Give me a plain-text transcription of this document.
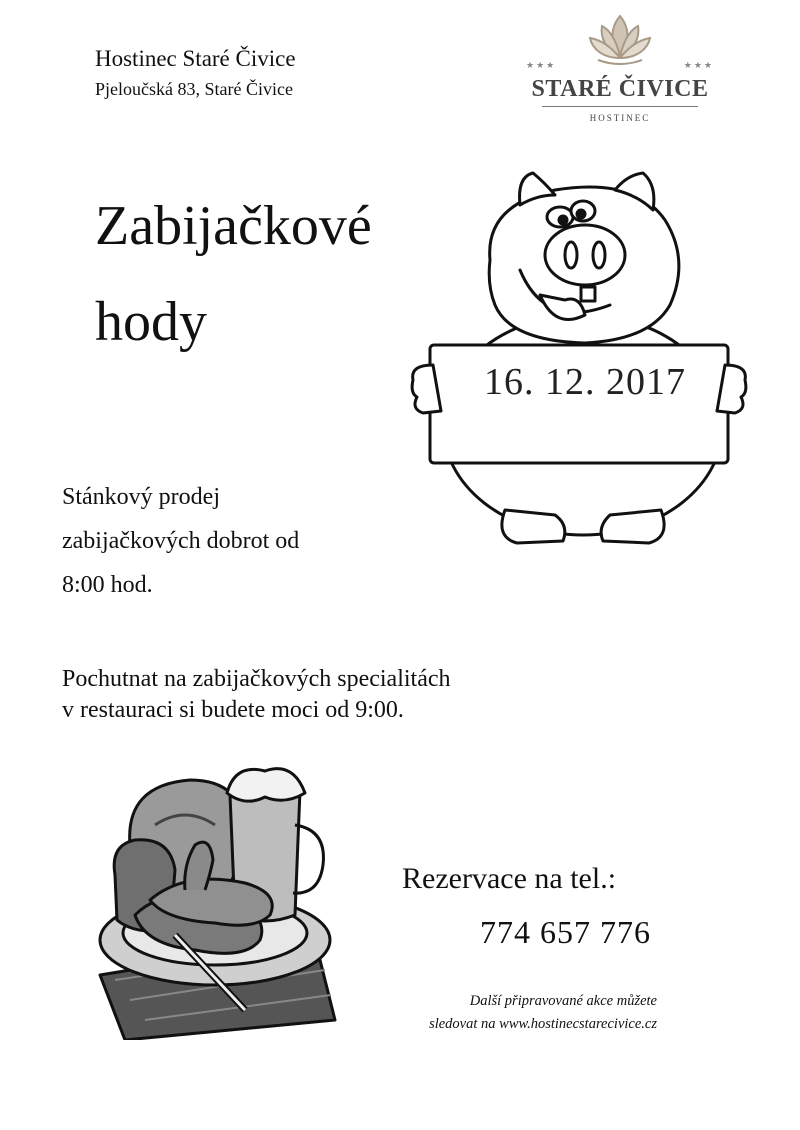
Hostinec Staré Čivice
Pjeloučská 83, Staré Čivice
★★★	★★★
STARÉ ČIVICE
HOSTINEC
Zabijačkové
hody
16. 12. 2017
Stánkový prodej
zabijačkových dobrot od
8:00 hod.
Pochutnat na zabijačkových specialitách
v restauraci si budete moci od 9:00.
Rezervace na tel.:
774 657 776
Další připravované akce můžete
sledovat na www.hostinecstarecivice.cz
